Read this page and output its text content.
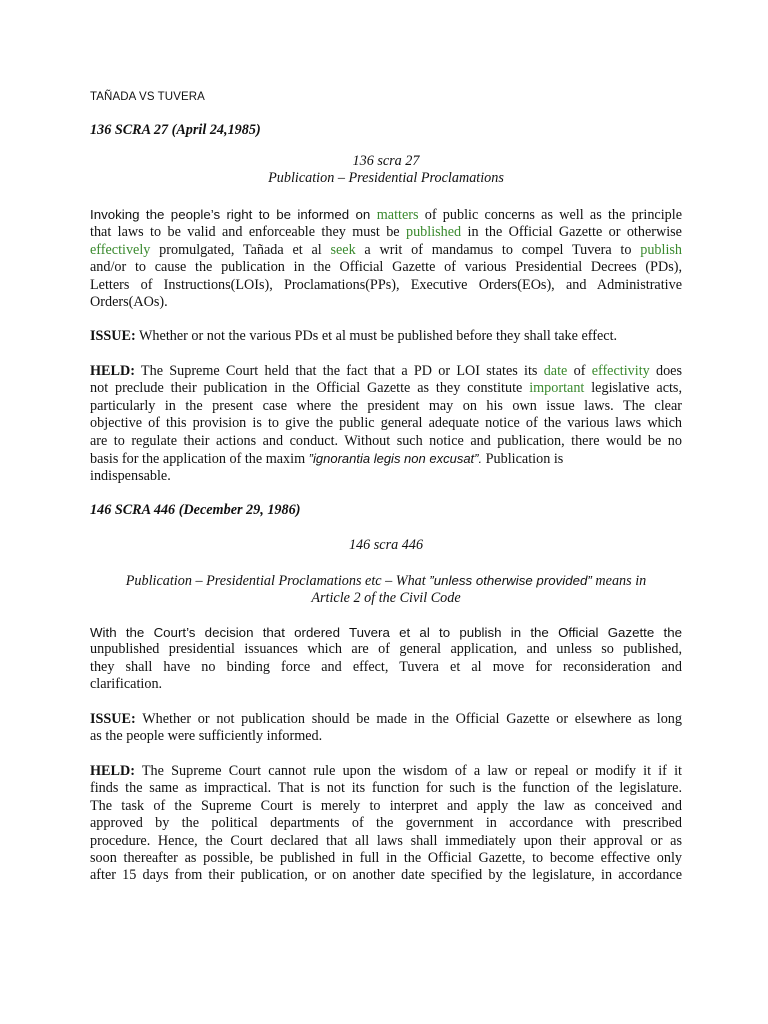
TAÑADA VS TUVERA
136 SCRA 27 (April 24,1985)
136 scra 27
Publication – Presidential Proclamations
Invoking the people’s right to be informed on matters of public concerns as well as the principle
that laws to be valid and enforceable they must be published in the Official Gazette or otherwise
effectively promulgated, Tañada et al seek a writ of mandamus to compel Tuvera to publish
and/or to cause the publication in the Official Gazette of various Presidential Decrees (PDs),
Letters of Instructions(LOIs), Proclamations(PPs), Executive Orders(EOs), and Administrative
Orders(AOs).
ISSUE: Whether or not the various PDs et al must be published before they shall take effect.
HELD: The Supreme Court held that the fact that a PD or LOI states its date of effectivity does
not preclude their publication in the Official Gazette as they constitute important legislative acts,
particularly in the present case where the president may on his own issue laws. The clear
objective of this provision is to give the public general adequate notice of the various laws which
are to regulate their actions and conduct. Without such notice and publication, there would be no
basis for the application of the maxim ”ignorantia legis non excusat”. Publication is
indispensable.
146 SCRA 446 (December 29, 1986)
146 scra 446
Publication – Presidential Proclamations etc – What ”unless otherwise provided” means in
Article 2 of the Civil Code
With the Court’s decision that ordered Tuvera et al to publish in the Official Gazette the
unpublished presidential issuances which are of general application, and unless so published,
they shall have no binding force and effect, Tuvera et al move for reconsideration and
clarification.
ISSUE: Whether or not publication should be made in the Official Gazette or elsewhere as long
as the people were sufficiently informed.
HELD: The Supreme Court cannot rule upon the wisdom of a law or repeal or modify it if it
finds the same as impractical. That is not its function for such is the function of the legislature.
The task of the Supreme Court is merely to interpret and apply the law as conceived and
approved by the political departments of the government in accordance with prescribed
procedure. Hence, the Court declared that all laws shall immediately upon their approval or as
soon thereafter as possible, be published in full in the Official Gazette, to become effective only
after 15 days from their publication, or on another date specified by the legislature, in accordance
